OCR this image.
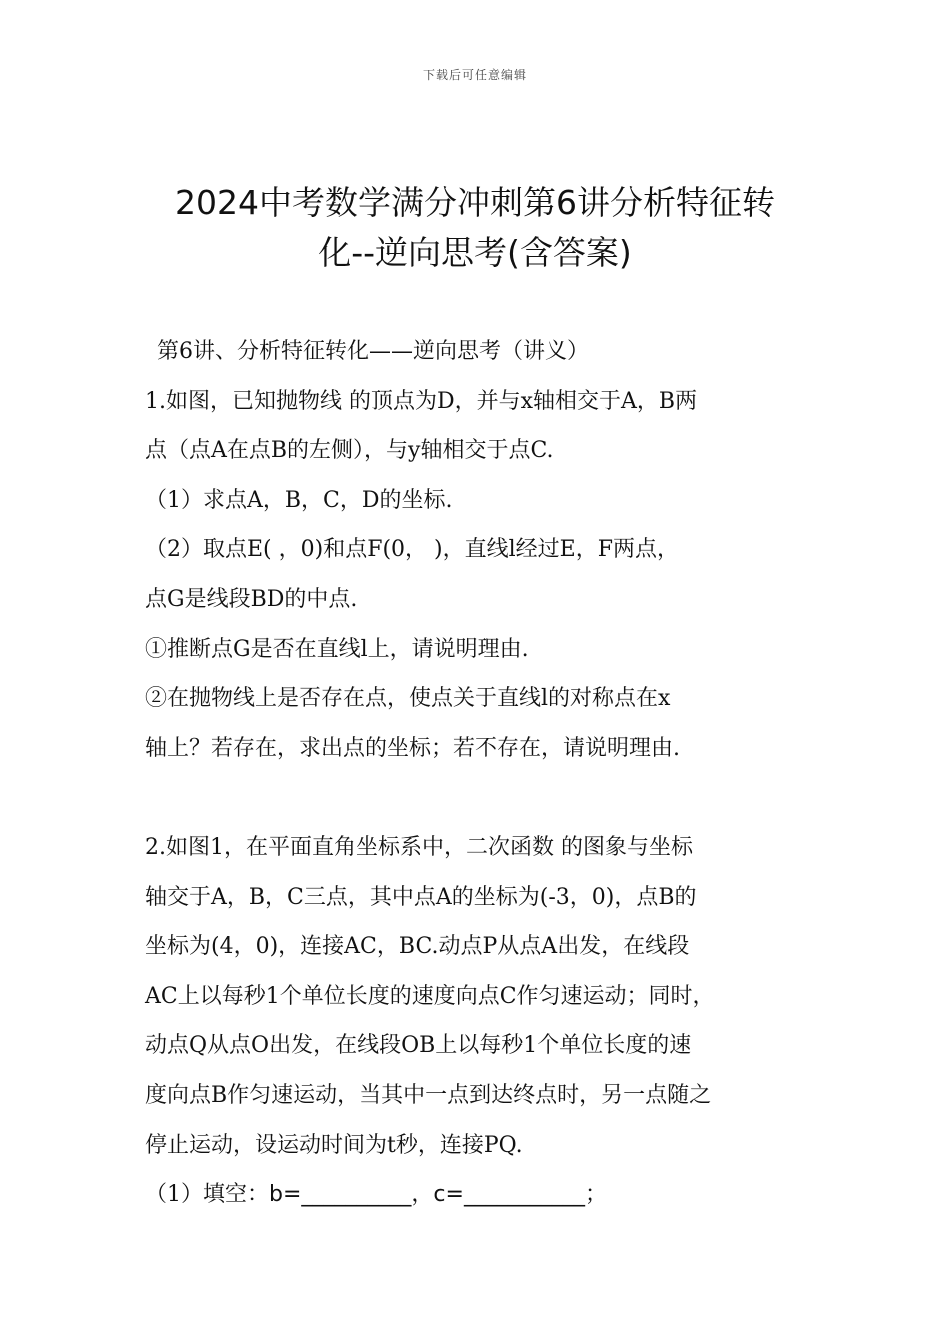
下载后可任意编辑
2024中考数学满分冲刺第6讲分析特征转
化--逆向思考(含答案)

第6讲、分析特征转化——逆向思考（讲义）

1.如图，已知抛物线 的顶点为D，并与x轴相交于A，B两

点（点A在点B的左侧），与y轴相交于点C.

（1）求点A，B，C，D的坐标.

（2）取点E( ，0)和点F(0， )，直线l经过E，F两点，

点G是线段BD的中点.

①推断点G是否在直线l上，请说明理由.

②在抛物线上是否存在点，使点关于直线l的对称点在x

轴上？若存在，求出点的坐标；若不存在，请说明理由.

2.如图1，在平面直角坐标系中，二次函数 的图象与坐标

轴交于A，B，C三点，其中点A的坐标为(-3，0)，点B的

坐标为(4，0)，连接AC，BC.动点P从点A出发，在线段

AC上以每秒1个单位长度的速度向点C作匀速运动；同时，

动点Q从点O出发，在线段OB上以每秒1个单位长度的速

度向点B作匀速运动，当其中一点到达终点时，另一点随之

停止运动，设运动时间为t秒，连接PQ.

（1）填空：b=__________，c=___________；
